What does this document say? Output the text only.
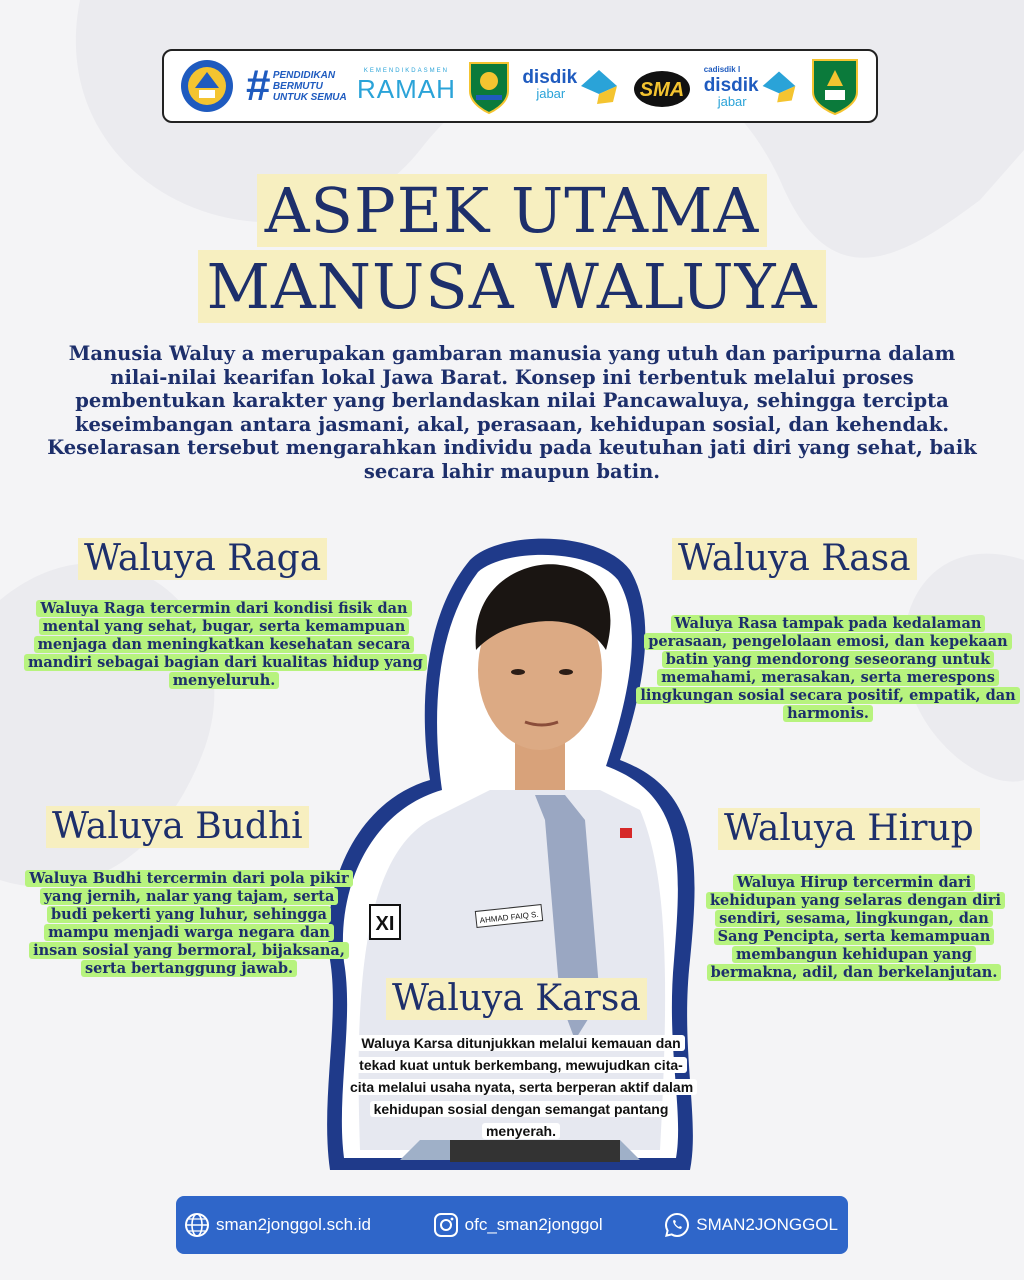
# PENDIDIKAN
BERMUTU
UNTUK SEMUA
KEMENDIKDASMEN
RAMAH	disdik
jabar	SMA
cadisdik I
disdik
jabar
ASPEK UTAMA
MANUSA WALUYA
Manusia Waluy a merupakan gambaran manusia yang utuh dan paripurna dalam nilai-nilai kearifan lokal Jawa Barat. Konsep ini terbentuk melalui proses pembentukan karakter yang berlandaskan nilai Pancawaluya, sehingga tercipta keseimbangan antara jasmani, akal, perasaan, kehidupan sosial, dan kehendak. Keselarasan tersebut mengarahkan individu pada keutuhan jati diri yang sehat, baik secara lahir maupun batin.
AHMAD FAIQ S.
XI
Waluya Raga
Waluya Raga tercermin dari kondisi fisik dan mental yang sehat, bugar, serta kemampuan menjaga dan meningkatkan kesehatan secara mandiri sebagai bagian dari kualitas hidup yang menyeluruh.
Waluya Rasa
Waluya Rasa tampak pada kedalaman perasaan, pengelolaan emosi, dan kepekaan batin yang mendorong seseorang untuk memahami, merasakan, serta merespons lingkungan sosial secara positif, empatik, dan harmonis.
Waluya Budhi
Waluya Budhi tercermin dari pola pikir yang jernih, nalar yang tajam, serta budi pekerti yang luhur, sehingga mampu menjadi warga negara dan insan sosial yang bermoral, bijaksana, serta bertanggung jawab.
Waluya Hirup
Waluya Hirup tercermin dari kehidupan yang selaras dengan diri sendiri, sesama, lingkungan, dan Sang Pencipta, serta kemampuan membangun kehidupan yang bermakna, adil, dan berkelanjutan.
Waluya Karsa
Waluya Karsa ditunjukkan melalui kemauan dan tekad kuat untuk berkembang, mewujudkan cita-cita melalui usaha nyata, serta berperan aktif dalam kehidupan sosial dengan semangat pantang menyerah.
sman2jonggol.sch.id	ofc_sman2jonggol	SMAN2JONGGOL
